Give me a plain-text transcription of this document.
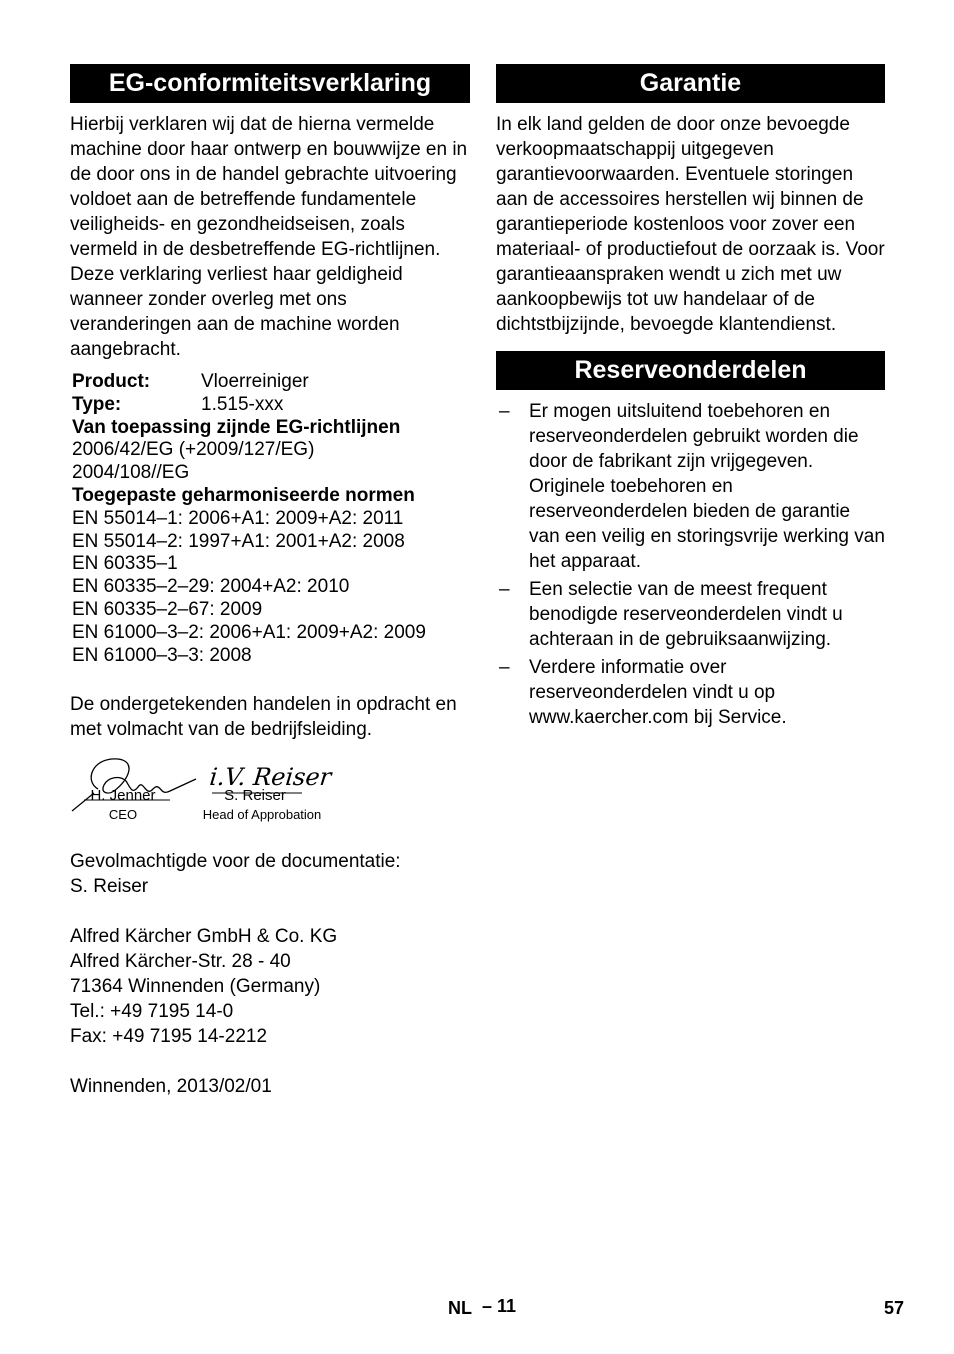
EG-conformiteitsverklaring

Hierbij verklaren wij dat de hierna vermelde machine door haar ontwerp en bouwwijze en in de door ons in de handel gebrachte uitvoering voldoet aan de betreffende fundamentele veiligheids- en gezondheidseisen, zoals vermeld in de desbetreffende EG-richtlijnen. Deze verklaring verliest haar geldigheid wanneer zonder overleg met ons veranderingen aan de machine worden aangebracht.

Product:	Vloerreiniger
Type:	1.515-xxx
Van toepassing zijnde EG-richtlijnen
2006/42/EG (+2009/127/EG)
2004/108//EG
Toegepaste geharmoniseerde normen
EN 55014–1: 2006+A1: 2009+A2: 2011
EN 55014–2: 1997+A1: 2001+A2: 2008
EN 60335–1
EN 60335–2–29: 2004+A2: 2010
EN 60335–2–67: 2009
EN 61000–3–2: 2006+A1: 2009+A2: 2009
EN 61000–3–3: 2008

De ondergetekenden handelen in opdracht en met volmacht van de bedrijfsleiding.

i.V. Reiser
H. Jenner
CEO
S. Reiser
Head of Approbation

Gevolmachtigde voor de documentatie:

S. Reiser

Alfred Kärcher GmbH & Co. KG

Alfred Kärcher-Str. 28 - 40

71364 Winnenden (Germany)

Tel.: +49 7195 14-0

Fax: +49 7195 14-2212

Winnenden, 2013/02/01

Garantie

In elk land gelden de door onze bevoegde verkoopmaatschappij uitgegeven garantievoorwaarden. Eventuele storingen aan de accessoires herstellen wij binnen de garantieperiode kostenloos voor zover een materiaal- of productiefout de oorzaak is. Voor garantieaanspraken wendt u zich met uw aankoopbewijs tot uw handelaar of de dichtstbijzijnde, bevoegde klantendienst.

Reserveonderdelen
– Er mogen uitsluitend toebehoren en reserveonderdelen gebruikt worden die door de fabrikant zijn vrijgegeven. Originele toebehoren en reserveonderdelen bieden de garantie van een veilig en storingsvrije werking van het apparaat.
– Een selectie van de meest frequent benodigde reserveonderdelen vindt u achteraan in de gebruiksaanwijzing.
– Verdere informatie over reserveonderdelen vindt u op www.kaercher.com bij Service.
NL – 11	57
